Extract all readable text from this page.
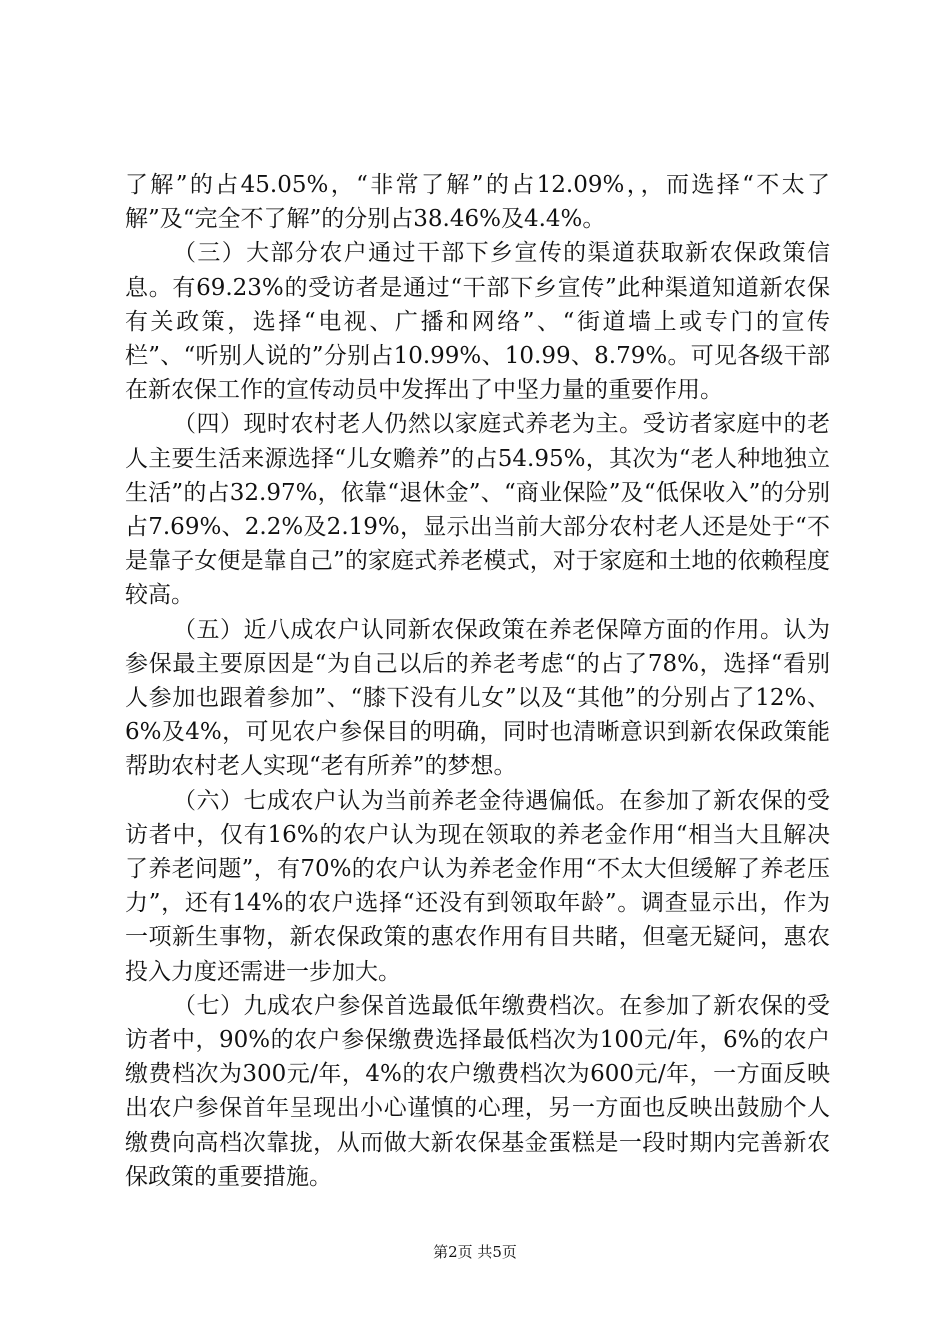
了解”的占45.05%，“非常了解”的占12.09%，，而选择“不太了解”及“完全不了解”的分别占38.46%及4.4%。

（三）大部分农户通过干部下乡宣传的渠道获取新农保政策信息。有69.23%的受访者是通过“干部下乡宣传”此种渠道知道新农保有关政策，选择“电视、广播和网络”、“街道墙上或专门的宣传栏”、“听别人说的”分别占10.99%、10.99、8.79%。可见各级干部在新农保工作的宣传动员中发挥出了中坚力量的重要作用。

（四）现时农村老人仍然以家庭式养老为主。受访者家庭中的老人主要生活来源选择“儿女赡养”的占54.95%，其次为“老人种地独立生活”的占32.97%，依靠“退休金”、“商业保险”及“低保收入”的分别占7.69%、2.2%及2.19%，显示出当前大部分农村老人还是处于“不是靠子女便是靠自己”的家庭式养老模式，对于家庭和土地的依赖程度较高。

（五）近八成农户认同新农保政策在养老保障方面的作用。认为参保最主要原因是“为自己以后的养老考虑“的占了78%，选择“看别人参加也跟着参加”、“膝下没有儿女”以及“其他”的分别占了12%、6%及4%，可见农户参保目的明确，同时也清晰意识到新农保政策能帮助农村老人实现“老有所养”的梦想。

（六）七成农户认为当前养老金待遇偏低。在参加了新农保的受访者中，仅有16%的农户认为现在领取的养老金作用“相当大且解决了养老问题”，有70%的农户认为养老金作用“不太大但缓解了养老压力”，还有14%的农户选择“还没有到领取年龄”。调查显示出，作为一项新生事物，新农保政策的惠农作用有目共睹，但毫无疑问，惠农投入力度还需进一步加大。

（七）九成农户参保首选最低年缴费档次。在参加了新农保的受访者中，90%的农户参保缴费选择最低档次为100元/年，6%的农户缴费档次为300元/年，4%的农户缴费档次为600元/年，一方面反映出农户参保首年呈现出小心谨慎的心理，另一方面也反映出鼓励个人缴费向高档次靠拢，从而做大新农保基金蛋糕是一段时期内完善新农保政策的重要措施。

第2页 共5页
